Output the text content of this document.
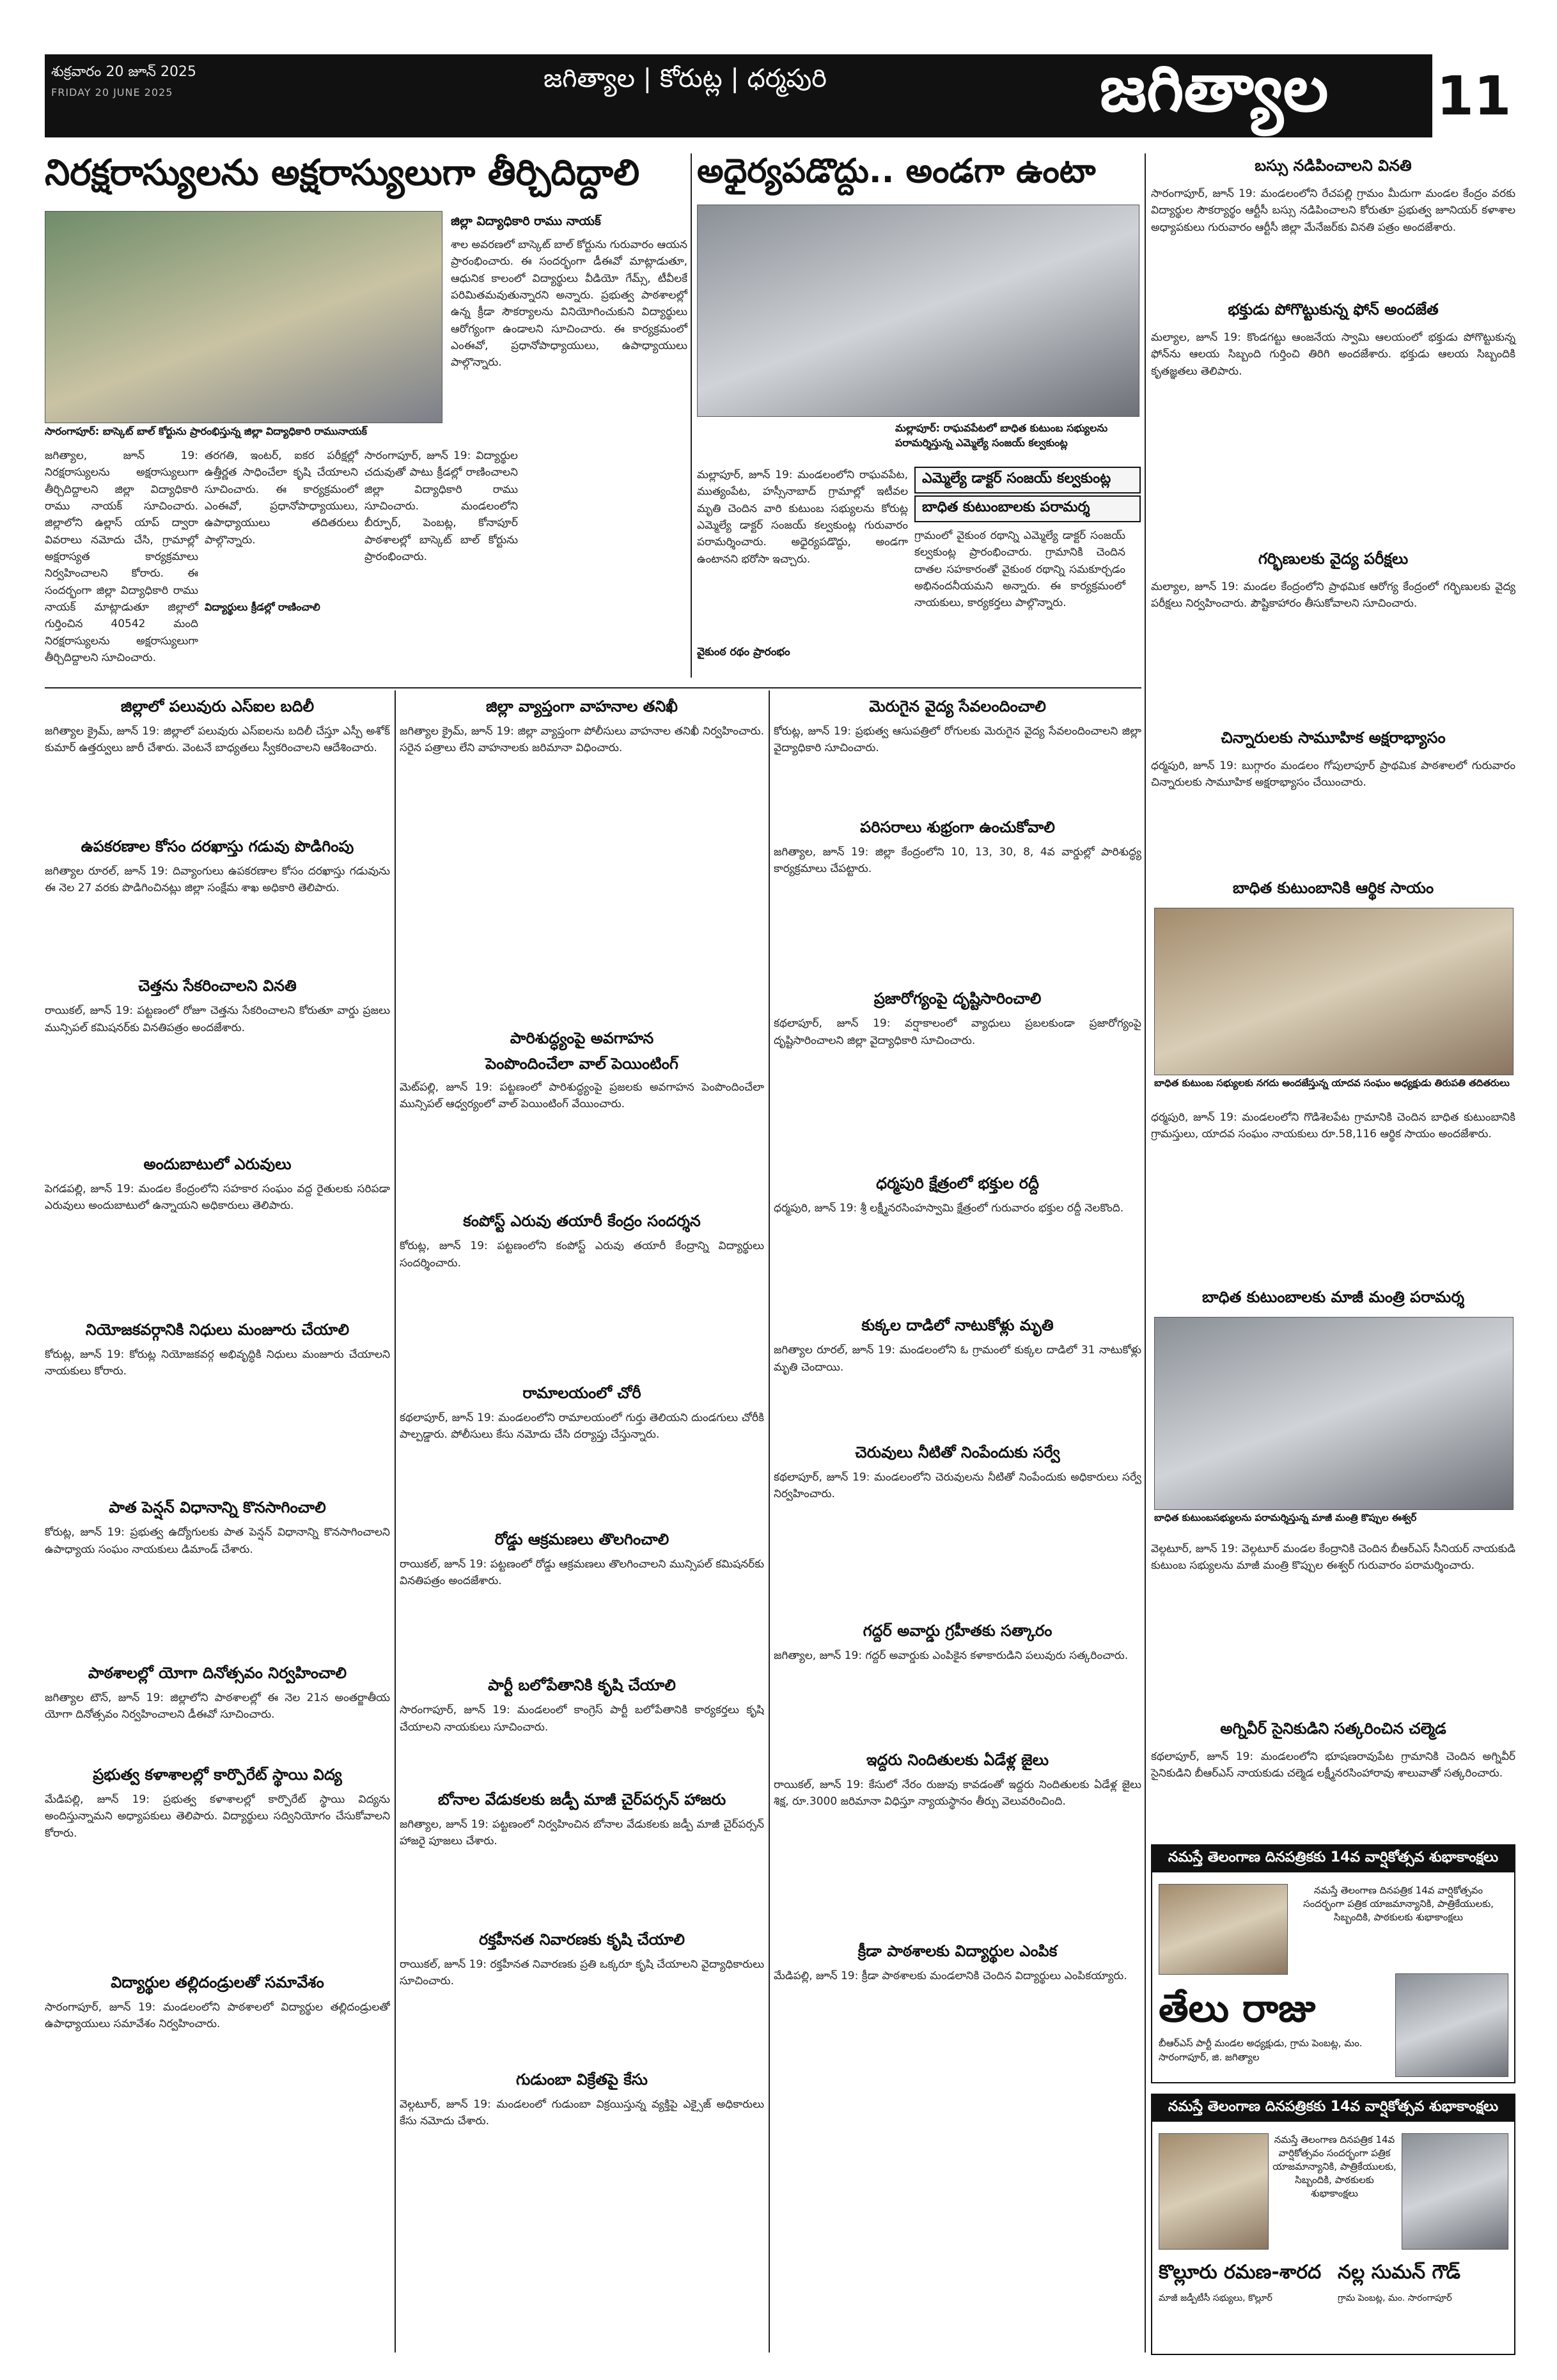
శుక్రవారం 20 జూన్ 2025
FRIDAY 20 JUNE 2025	జగిత్యాల | కోరుట్ల | ధర్మపురి	జగిత్యాల 11
నిరక్షరాస్యులను అక్షరాస్యులుగా తీర్చిదిద్దాలి
సారంగాపూర్: బాస్కెట్ బాల్ కోర్టును ప్రారంభిస్తున్న జిల్లా విద్యాధికారి రామునాయక్
జిల్లా విద్యాధికారి రాము నాయక్
శాల అవరణలో బాస్కెట్ బాల్ కోర్టును గురువారం ఆయన ప్రారంభించారు. ఈ సందర్భంగా డీఈవో మాట్లాడుతూ, ఆధునిక కాలంలో విద్యార్థులు వీడియో గేమ్స్, టీవీలకే పరిమితమవుతున్నారని అన్నారు. ప్రభుత్వ పాఠశాలల్లో ఉన్న క్రీడా సౌకర్యాలను వినియోగించుకుని విద్యార్థులు ఆరోగ్యంగా ఉండాలని సూచించారు. ఈ కార్యక్రమంలో ఎంఈవో, ప్రధానోపాధ్యాయులు, ఉపాధ్యాయులు పాల్గొన్నారు.
జగిత్యాల, జూన్ 19: నిరక్షరాస్యులను అక్షరాస్యులుగా తీర్చిదిద్దాలని జిల్లా విద్యాధికారి రాము నాయక్ సూచించారు. జిల్లాలోని ఉల్లాస్ యాప్ ద్వారా వివరాలు నమోదు చేసి, గ్రామాల్లో అక్షరాస్యత కార్యక్రమాలు నిర్వహించాలని కోరారు. ఈ సందర్భంగా జిల్లా విద్యాధికారి రాము నాయక్ మాట్లాడుతూ జిల్లాలో గుర్తించిన 40542 మంది నిరక్షరాస్యులను అక్షరాస్యులుగా తీర్చిదిద్దాలని సూచించారు.
తరగతి, ఇంటర్, ఐకర పరీక్షల్లో ఉత్తీర్ణత సాధించేలా కృషి చేయాలని సూచించారు. ఈ కార్యక్రమంలో ఎంఈవో, ప్రధానోపాధ్యాయులు, ఉపాధ్యాయులు తదితరులు పాల్గొన్నారు.
విద్యార్థులు క్రీడల్లో రాణించాలి
సారంగాపూర్, జూన్ 19: విద్యార్థుల చదువుతో పాటు క్రీడల్లో రాణించాలని జిల్లా విద్యాధికారి రాము సూచించారు. మండలంలోని బీర్పూర్, పెంబట్ల, కోనాపూర్ పాఠశాలల్లో బాస్కెట్ బాల్ కోర్టును ప్రారంభించారు.
అధైర్యపడొద్దు.. అండగా ఉంటా
మల్లాపూర్: రాఘవపేటలో బాధిత కుటుంబ సభ్యులను పరామర్శిస్తున్న ఎమ్మెల్యే సంజయ్ కల్వకుంట్ల
మల్లాపూర్, జూన్ 19: మండలంలోని రాఘవపేట, ముత్యంపేట, హస్సీనాబాద్ గ్రామాల్లో ఇటీవల మృతి చెందిన వారి కుటుంబ సభ్యులను కోరుట్ల ఎమ్మెల్యే డాక్టర్ సంజయ్ కల్వకుంట్ల గురువారం పరామర్శించారు. అధైర్యపడొద్దు, అండగా ఉంటానని భరోసా ఇచ్చారు.
ఎమ్మెల్యే డాక్టర్ సంజయ్ కల్వకుంట్ల
బాధిత కుటుంబాలకు పరామర్శ
గ్రామంలో వైకుంఠ రథాన్ని ఎమ్మెల్యే డాక్టర్ సంజయ్ కల్వకుంట్ల ప్రారంభించారు. గ్రామానికి చెందిన దాతల సహకారంతో వైకుంఠ రథాన్ని సమకూర్చడం అభినందనీయమని అన్నారు. ఈ కార్యక్రమంలో నాయకులు, కార్యకర్తలు పాల్గొన్నారు.
వైకుంఠ రథం ప్రారంభం
బస్సు నడిపించాలని వినతి
సారంగాపూర్, జూన్ 19: మండలంలోని రేచపల్లి గ్రామం మీదుగా మండల కేంద్రం వరకు విద్యార్థుల సౌకర్యార్థం ఆర్టీసీ బస్సు నడిపించాలని కోరుతూ ప్రభుత్వ జూనియర్ కళాశాల అధ్యాపకులు గురువారం ఆర్టీసీ జిల్లా మేనేజర్‌కు వినతి పత్రం అందజేశారు.
భక్తుడు పోగొట్టుకున్న ఫోన్ అందజేత
మల్యాల, జూన్ 19: కొండగట్టు ఆంజనేయ స్వామి ఆలయంలో భక్తుడు పోగొట్టుకున్న ఫోన్‌ను ఆలయ సిబ్బంది గుర్తించి తిరిగి అందజేశారు. భక్తుడు ఆలయ సిబ్బందికి కృతజ్ఞతలు తెలిపారు.
గర్భిణులకు వైద్య పరీక్షలు
మల్యాల, జూన్ 19: మండల కేంద్రంలోని ప్రాథమిక ఆరోగ్య కేంద్రంలో గర్భిణులకు వైద్య పరీక్షలు నిర్వహించారు. పౌష్టికాహారం తీసుకోవాలని సూచించారు.
చిన్నారులకు సామూహిక అక్షరాభ్యాసం
ధర్మపురి, జూన్ 19: బుగ్గారం మండలం గోపులాపూర్ ప్రాథమిక పాఠశాలలో గురువారం చిన్నారులకు సామూహిక అక్షరాభ్యాసం చేయించారు.
బాధిత కుటుంబానికి ఆర్థిక సాయం
బాధిత కుటుంబ సభ్యులకు నగదు అందజేస్తున్న యాదవ సంఘం అధ్యక్షుడు తిరుపతి తదితరులు
ధర్మపురి, జూన్ 19: మండలంలోని గొడిశెలపేట గ్రామానికి చెందిన బాధిత కుటుంబానికి గ్రామస్తులు, యాదవ సంఘం నాయకులు రూ.58,116 ఆర్థిక సాయం అందజేశారు.
బాధిత కుటుంబాలకు మాజీ మంత్రి పరామర్శ
బాధిత కుటుంబసభ్యులను పరామర్శిస్తున్న మాజీ మంత్రి కొప్పుల ఈశ్వర్
వెల్గటూర్, జూన్ 19: వెల్గటూర్ మండల కేంద్రానికి చెందిన బీఆర్ఎస్ సీనియర్ నాయకుడి కుటుంబ సభ్యులను మాజీ మంత్రి కొప్పుల ఈశ్వర్ గురువారం పరామర్శించారు.
అగ్నివీర్ సైనికుడిని సత్కరించిన చల్మెడ
కథలాపూర్, జూన్ 19: మండలంలోని భూషణరావుపేట గ్రామానికి చెందిన అగ్నివీర్ సైనికుడిని బీఆర్ఎస్ నాయకుడు చల్మెడ లక్ష్మీనరసింహారావు శాలువాతో సత్కరించారు.
నమస్తే తెలంగాణ దినపత్రికకు 14వ వార్షికోత్సవ శుభాకాంక్షలు
నమస్తే తెలంగాణ దినపత్రిక 14వ వార్షికోత్సవం సందర్భంగా పత్రిక యాజమాన్యానికి, పాత్రికేయులకు, సిబ్బందికి, పాఠకులకు శుభాకాంక్షలు
తేలు రాజు
బీఆర్ఎస్ పార్టీ మండల అధ్యక్షుడు, గ్రామ పెంబట్ల, మం. సారంగాపూర్, జి. జగిత్యాల
నమస్తే తెలంగాణ దినపత్రికకు 14వ వార్షికోత్సవ శుభాకాంక్షలు
నమస్తే తెలంగాణ దినపత్రిక 14వ వార్షికోత్సవం సందర్భంగా పత్రిక యాజమాన్యానికి, పాత్రికేయులకు, సిబ్బందికి, పాఠకులకు శుభాకాంక్షలు
కొల్లూరు రమణ-శారద
మాజీ జడ్పీటీసీ సభ్యులు, కొల్లూర్
నల్ల సుమన్ గౌడ్
గ్రామ పెంబట్ల, మం. సారంగాపూర్
జిల్లాలో పలువురు ఎస్ఐల బదిలీ
జగిత్యాల క్రైమ్, జూన్ 19: జిల్లాలో పలువురు ఎస్ఐలను బదిలీ చేస్తూ ఎస్పీ అశోక్ కుమార్ ఉత్తర్వులు జారీ చేశారు. వెంటనే బాధ్యతలు స్వీకరించాలని ఆదేశించారు.
ఉపకరణాల కోసం దరఖాస్తు గడువు పొడిగింపు
జగిత్యాల రూరల్, జూన్ 19: దివ్యాంగులు ఉపకరణాల కోసం దరఖాస్తు గడువును ఈ నెల 27 వరకు పొడిగించినట్లు జిల్లా సంక్షేమ శాఖ అధికారి తెలిపారు.
చెత్తను సేకరించాలని వినతి
రాయికల్, జూన్ 19: పట్టణంలో రోజూ చెత్తను సేకరించాలని కోరుతూ వార్డు ప్రజలు మున్సిపల్ కమిషనర్‌కు వినతిపత్రం అందజేశారు.
అందుబాటులో ఎరువులు
పెగడపల్లి, జూన్ 19: మండల కేంద్రంలోని సహకార సంఘం వద్ద రైతులకు సరిపడా ఎరువులు అందుబాటులో ఉన్నాయని అధికారులు తెలిపారు.
నియోజకవర్గానికి నిధులు మంజూరు చేయాలి
కోరుట్ల, జూన్ 19: కోరుట్ల నియోజకవర్గ అభివృద్ధికి నిధులు మంజూరు చేయాలని నాయకులు కోరారు.
పాత పెన్షన్ విధానాన్ని కొనసాగించాలి
కోరుట్ల, జూన్ 19: ప్రభుత్వ ఉద్యోగులకు పాత పెన్షన్ విధానాన్ని కొనసాగించాలని ఉపాధ్యాయ సంఘం నాయకులు డిమాండ్ చేశారు.
పాఠశాలల్లో యోగా దినోత్సవం నిర్వహించాలి
జగిత్యాల టౌన్, జూన్ 19: జిల్లాలోని పాఠశాలల్లో ఈ నెల 21న అంతర్జాతీయ యోగా దినోత్సవం నిర్వహించాలని డీఈవో సూచించారు.
ప్రభుత్వ కళాశాలల్లో కార్పొరేట్ స్థాయి విద్య
మేడిపల్లి, జూన్ 19: ప్రభుత్వ కళాశాలల్లో కార్పొరేట్ స్థాయి విద్యను అందిస్తున్నామని అధ్యాపకులు తెలిపారు. విద్యార్థులు సద్వినియోగం చేసుకోవాలని కోరారు.
విద్యార్థుల తల్లిదండ్రులతో సమావేశం
సారంగాపూర్, జూన్ 19: మండలంలోని పాఠశాలలో విద్యార్థుల తల్లిదండ్రులతో ఉపాధ్యాయులు సమావేశం నిర్వహించారు.
జిల్లా వ్యాప్తంగా వాహనాల తనిఖీ
జగిత్యాల క్రైమ్, జూన్ 19: జిల్లా వ్యాప్తంగా పోలీసులు వాహనాల తనిఖీ నిర్వహించారు. సరైన పత్రాలు లేని వాహనాలకు జరిమానా విధించారు.
పారిశుద్ధ్యంపై అవగాహన
పెంపొందించేలా వాల్ పెయింటింగ్
మెట్‌పల్లి, జూన్ 19: పట్టణంలో పారిశుద్ధ్యంపై ప్రజలకు అవగాహన పెంపొందించేలా మున్సిపల్ ఆధ్వర్యంలో వాల్ పెయింటింగ్ వేయించారు.
కంపోస్ట్ ఎరువు తయారీ కేంద్రం సందర్శన
కోరుట్ల, జూన్ 19: పట్టణంలోని కంపోస్ట్ ఎరువు తయారీ కేంద్రాన్ని విద్యార్థులు సందర్శించారు.
రామాలయంలో చోరీ
కథలాపూర్, జూన్ 19: మండలంలోని రామాలయంలో గుర్తు తెలియని దుండగులు చోరీకి పాల్పడ్డారు. పోలీసులు కేసు నమోదు చేసి దర్యాప్తు చేస్తున్నారు.
రోడ్డు ఆక్రమణలు తొలగించాలి
రాయికల్, జూన్ 19: పట్టణంలో రోడ్డు ఆక్రమణలు తొలగించాలని మున్సిపల్ కమిషనర్‌కు వినతిపత్రం అందజేశారు.
పార్టీ బలోపేతానికి కృషి చేయాలి
సారంగాపూర్, జూన్ 19: మండలంలో కాంగ్రెస్ పార్టీ బలోపేతానికి కార్యకర్తలు కృషి చేయాలని నాయకులు సూచించారు.
బోనాల వేడుకలకు జడ్పీ మాజీ చైర్‌పర్సన్ హాజరు
జగిత్యాల, జూన్ 19: పట్టణంలో నిర్వహించిన బోనాల వేడుకలకు జడ్పీ మాజీ చైర్‌పర్సన్ హాజరై పూజలు చేశారు.
రక్తహీనత నివారణకు కృషి చేయాలి
రాయికల్, జూన్ 19: రక్తహీనత నివారణకు ప్రతి ఒక్కరూ కృషి చేయాలని వైద్యాధికారులు సూచించారు.
గుడుంబా విక్రేతపై కేసు
వెల్గటూర్, జూన్ 19: మండలంలో గుడుంబా విక్రయిస్తున్న వ్యక్తిపై ఎక్సైజ్ అధికారులు కేసు నమోదు చేశారు.
మెరుగైన వైద్య సేవలందించాలి
కోరుట్ల, జూన్ 19: ప్రభుత్వ ఆసుపత్రిలో రోగులకు మెరుగైన వైద్య సేవలందించాలని జిల్లా వైద్యాధికారి సూచించారు.
పరిసరాలు శుభ్రంగా ఉంచుకోవాలి
జగిత్యాల, జూన్ 19: జిల్లా కేంద్రంలోని 10, 13, 30, 8, 4వ వార్డుల్లో పారిశుద్ధ్య కార్యక్రమాలు చేపట్టారు.
ప్రజారోగ్యంపై దృష్టిసారించాలి
కథలాపూర్, జూన్ 19: వర్షాకాలంలో వ్యాధులు ప్రబలకుండా ప్రజారోగ్యంపై దృష్టిసారించాలని జిల్లా వైద్యాధికారి సూచించారు.
ధర్మపురి క్షేత్రంలో భక్తుల రద్దీ
ధర్మపురి, జూన్ 19: శ్రీ లక్ష్మీనరసింహస్వామి క్షేత్రంలో గురువారం భక్తుల రద్దీ నెలకొంది.
కుక్కల దాడిలో నాటుకోళ్లు మృతి
జగిత్యాల రూరల్, జూన్ 19: మండలంలోని ఓ గ్రామంలో కుక్కల దాడిలో 31 నాటుకోళ్లు మృతి చెందాయి.
చెరువులు నీటితో నింపేందుకు సర్వే
కథలాపూర్, జూన్ 19: మండలంలోని చెరువులను నీటితో నింపేందుకు అధికారులు సర్వే నిర్వహించారు.
గద్దర్ అవార్డు గ్రహీతకు సత్కారం
జగిత్యాల, జూన్ 19: గద్దర్ అవార్డుకు ఎంపికైన కళాకారుడిని పలువురు సత్కరించారు.
ఇద్దరు నిందితులకు ఏడేళ్ల జైలు
రాయికల్, జూన్ 19: కేసులో నేరం రుజువు కావడంతో ఇద్దరు నిందితులకు ఏడేళ్ల జైలు శిక్ష, రూ.3000 జరిమానా విధిస్తూ న్యాయస్థానం తీర్పు వెలువరించింది.
క్రీడా పాఠశాలకు విద్యార్థుల ఎంపిక
మేడిపల్లి, జూన్ 19: క్రీడా పాఠశాలకు మండలానికి చెందిన విద్యార్థులు ఎంపికయ్యారు.
